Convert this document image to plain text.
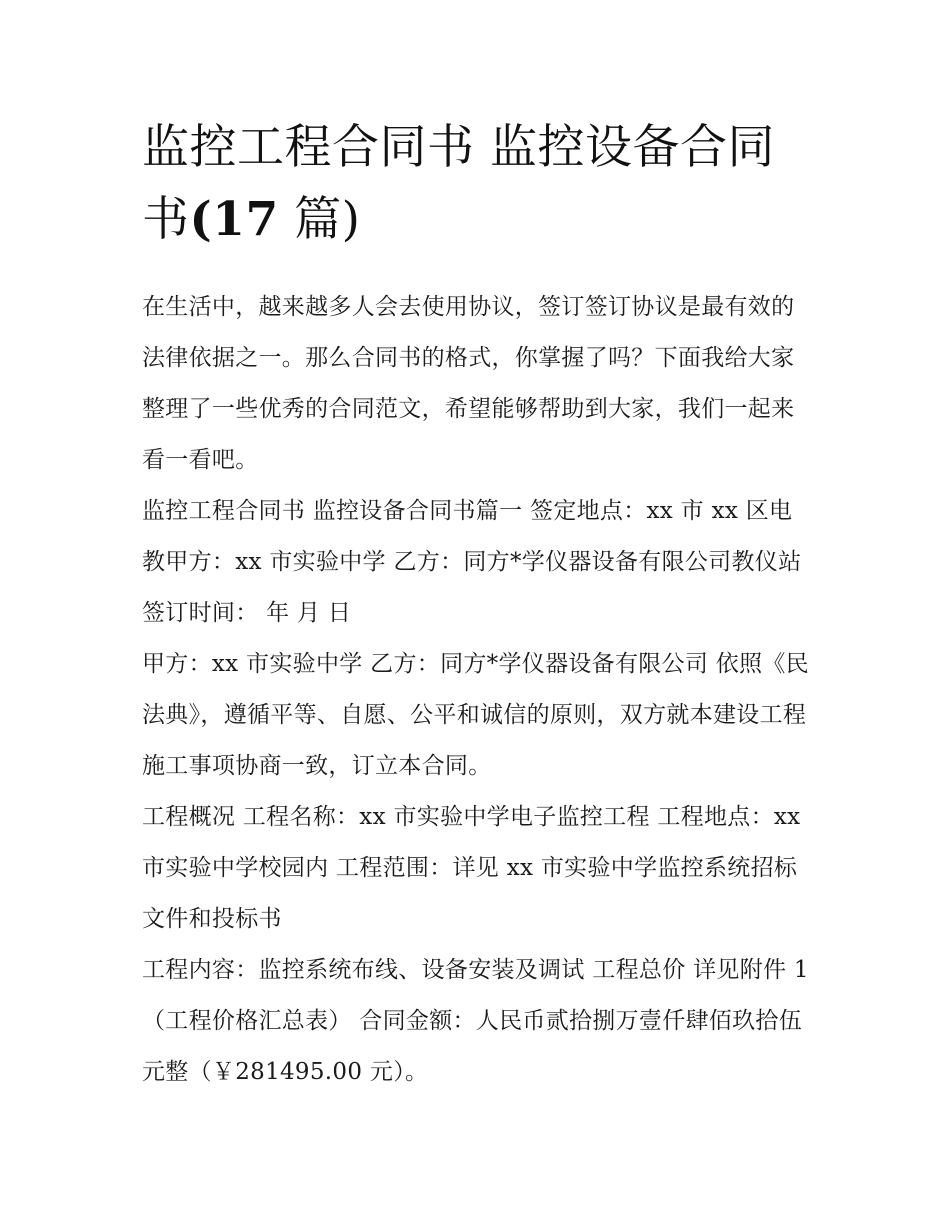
监控工程合同书 监控设备合同
书(17 篇)

在生活中，越来越多人会去使用协议，签订签订协议是最有效的法律依据之一。那么合同书的格式，你掌握了吗？下面我给大家整理了一些优秀的合同范文，希望能够帮助到大家，我们一起来看一看吧。

监控工程合同书 监控设备合同书篇一 签定地点：xx 市 xx 区电教甲方：xx 市实验中学 乙方：同方*学仪器设备有限公司教仪站 签订时间： 年 月 日

甲方：xx 市实验中学 乙方：同方*学仪器设备有限公司 依照《民法典》，遵循平等、自愿、公平和诚信的原则，双方就本建设工程施工事项协商一致，订立本合同。

工程概况 工程名称：xx 市实验中学电子监控工程 工程地点：xx 市实验中学校园内 工程范围：详见 xx 市实验中学监控系统招标文件和投标书

工程内容：监控系统布线、设备安装及调试 工程总价 详见附件 1（工程价格汇总表） 合同金额：人民币贰拾捌万壹仟肆佰玖拾伍元整（￥281495.00 元）。
